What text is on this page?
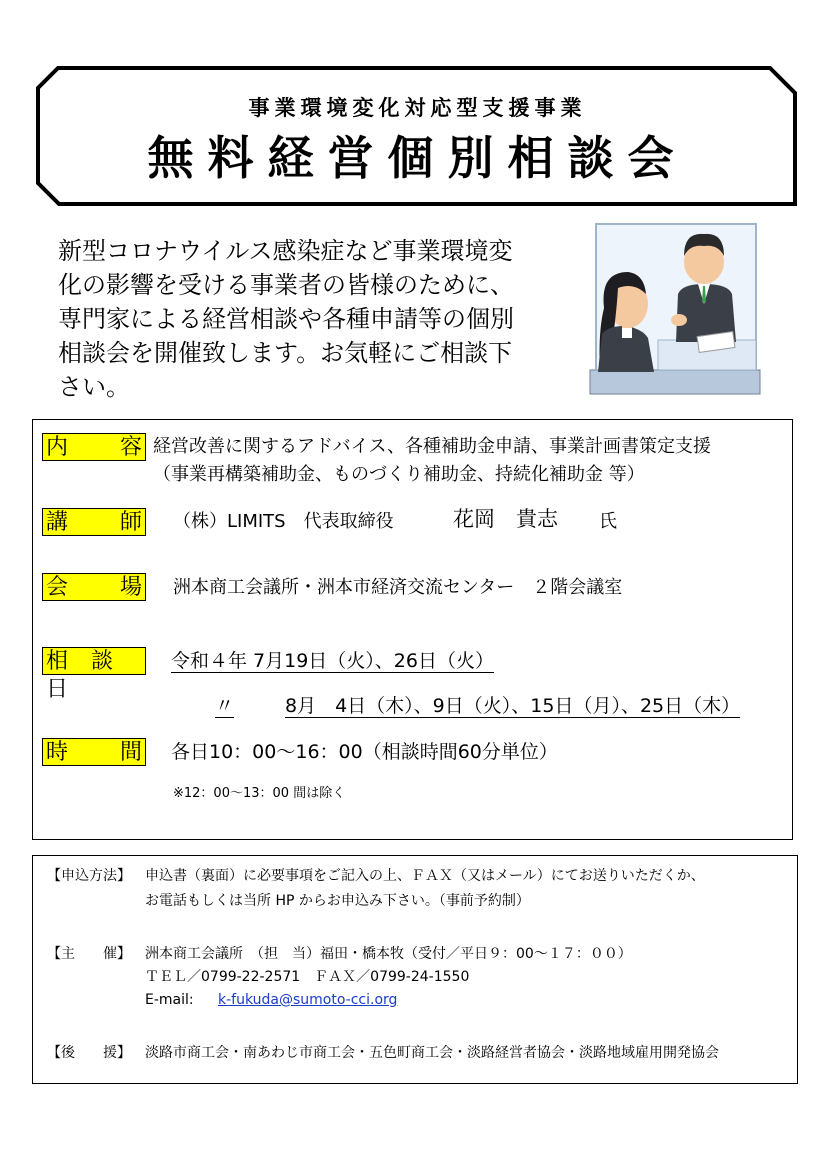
事業環境変化対応型支援事業
無料経営個別相談会
新型コロナウイルス感染症など事業環境変
化の影響を受ける事業者の皆様のために、
専門家による経営相談や各種申請等の個別
相談会を開催致します。お気軽にご相談下
さい。
内 容 経営改善に関するアドバイス、各種補助金申請、事業計画書策定支援
（事業再構築補助金、ものづくり補助金、持続化補助金 等）
講 師 （株）LIMITS　代表取締役	花岡　貴志 氏
会 場 洲本商工会議所・洲本市経済交流センター　２階会議室
相 談 日
令和４年 7月19日（火）、26日（火）
〃	8月　4日（木）、9日（火）、15日（月）、25日（木）
時 間 各日10：00～16：00（相談時間60分単位）
※12：00～13：00 間は除く
【申込方法】 申込書（裏面）に必要事項をご記入の上、ＦＡＸ（又はメール）にてお送りいただくか、
お電話もしくは当所 HP からお申込み下さい。（事前予約制）
【主　　催】 洲本商工会議所　（担　当）福田・橋本牧（受付／平日９：00～１７：００）
ＴＥＬ／0799-22-2571　ＦＡＸ／0799-24-1550
E-mail: k-fukuda@sumoto-cci.org
【後　　援】 淡路市商工会・南あわじ市商工会・五色町商工会・淡路経営者協会・淡路地域雇用開発協会
